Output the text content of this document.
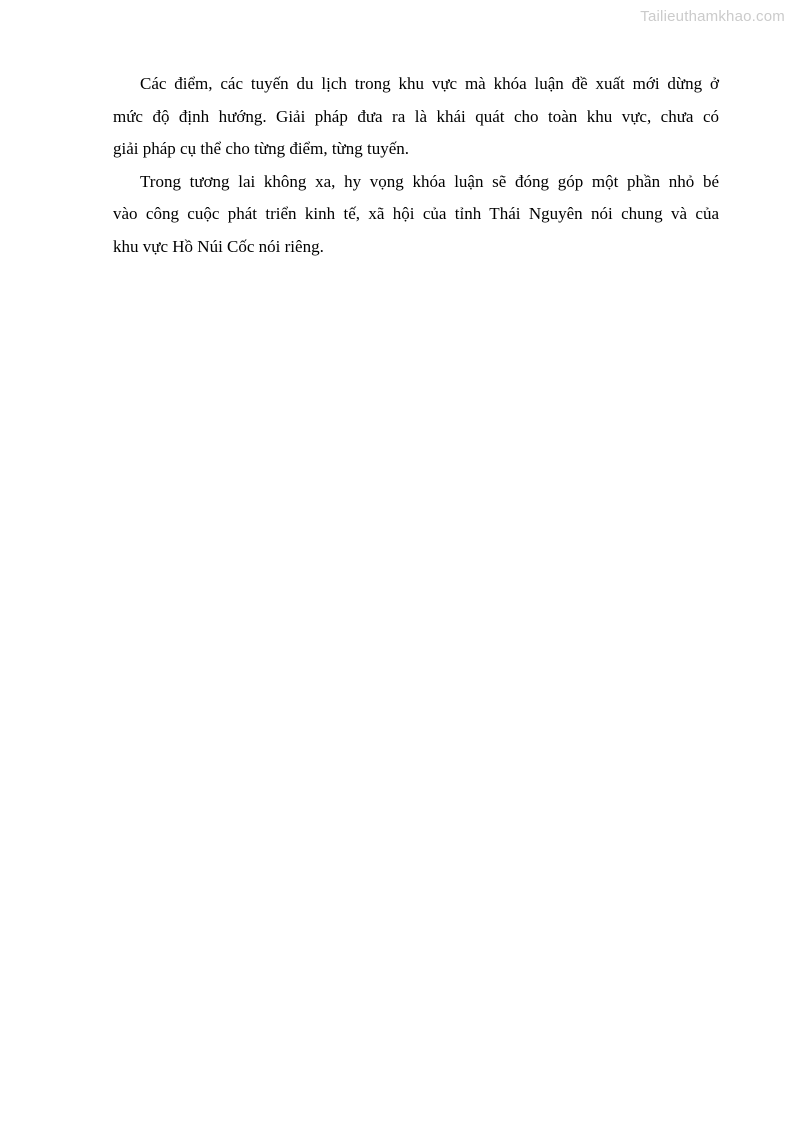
Tailieuthamkhao.com
Các điểm, các tuyến du lịch trong khu vực mà khóa luận đề xuất mới dừng ở
mức độ định hướng. Giải pháp đưa ra là khái quát cho toàn khu vực, chưa có
giải pháp cụ thể cho từng điểm, từng tuyến.
Trong tương lai không xa, hy vọng khóa luận sẽ đóng góp một phần nhỏ bé
vào công cuộc phát triển kinh tế, xã hội của tỉnh Thái Nguyên nói chung và của
khu vực Hồ Núi Cốc nói riêng.
